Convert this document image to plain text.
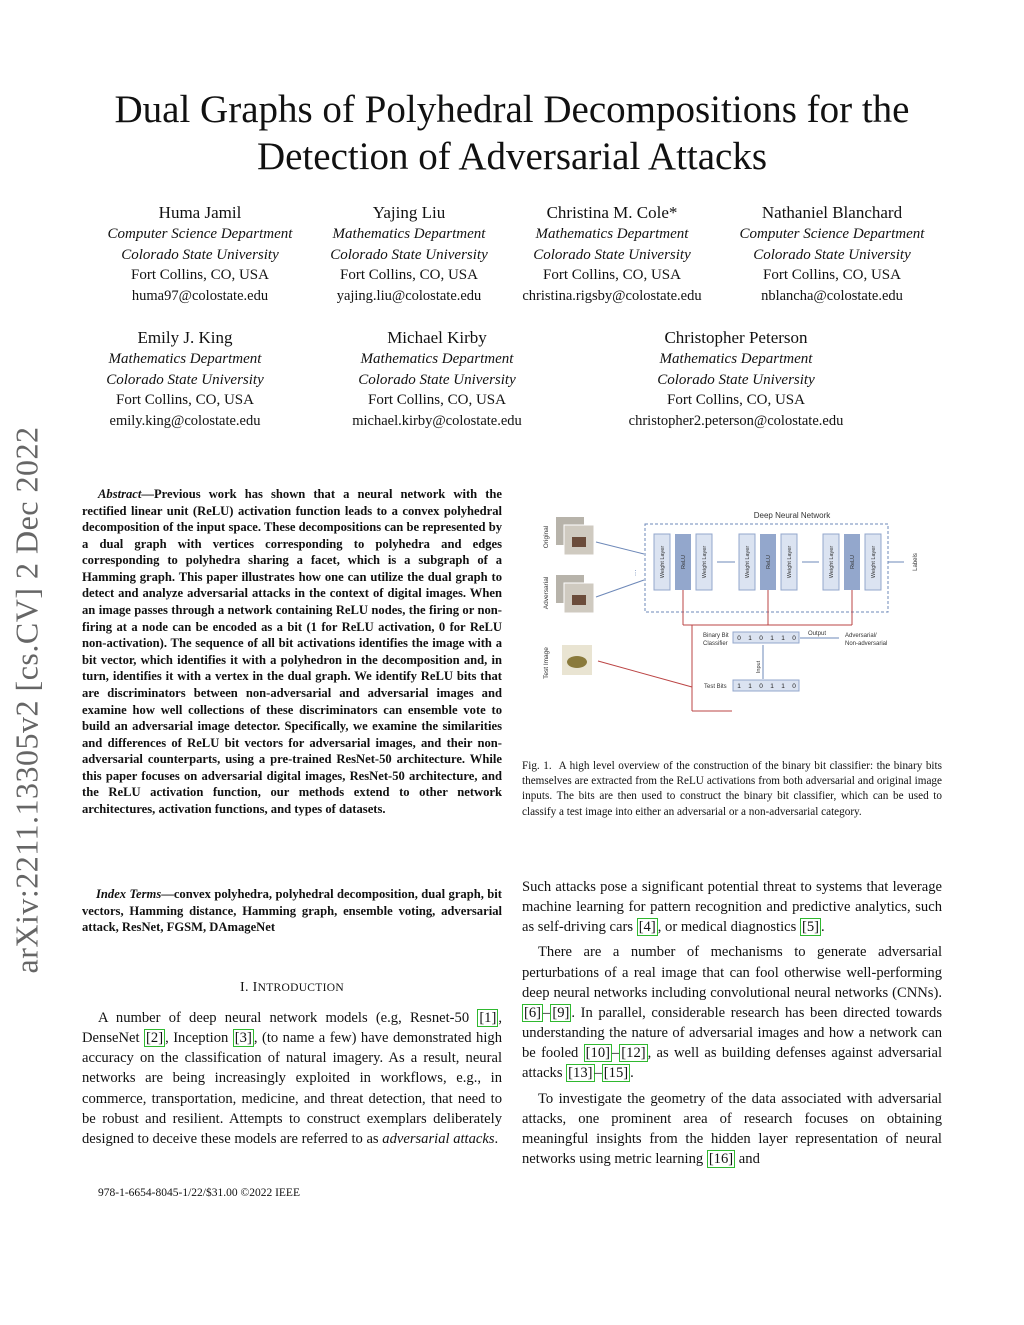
arXiv:2211.13305v2 [cs.CV] 2 Dec 2022
Dual Graphs of Polyhedral Decompositions for the Detection of Adversarial Attacks
Huma Jamil
Computer Science Department
Colorado State University
Fort Collins, CO, USA
huma97@colostate.edu
Yajing Liu
Mathematics Department
Colorado State University
Fort Collins, CO, USA
yajing.liu@colostate.edu
Christina M. Cole*
Mathematics Department
Colorado State University
Fort Collins, CO, USA
christina.rigsby@colostate.edu
Nathaniel Blanchard
Computer Science Department
Colorado State University
Fort Collins, CO, USA
nblancha@colostate.edu
Emily J. King
Mathematics Department
Colorado State University
Fort Collins, CO, USA
emily.king@colostate.edu
Michael Kirby
Mathematics Department
Colorado State University
Fort Collins, CO, USA
michael.kirby@colostate.edu
Christopher Peterson
Mathematics Department
Colorado State University
Fort Collins, CO, USA
christopher2.peterson@colostate.edu
Abstract—Previous work has shown that a neural network with the rectified linear unit (ReLU) activation function leads to a convex polyhedral decomposition of the input space. These decompositions can be represented by a dual graph with vertices corresponding to polyhedra and edges corresponding to polyhedra sharing a facet, which is a subgraph of a Hamming graph. This paper illustrates how one can utilize the dual graph to detect and analyze adversarial attacks in the context of digital images. When an image passes through a network containing ReLU nodes, the firing or non-firing at a node can be encoded as a bit (1 for ReLU activation, 0 for ReLU non-activation). The sequence of all bit activations identifies the image with a bit vector, which identifies it with a polyhedron in the decomposition and, in turn, identifies it with a vertex in the dual graph. We identify ReLU bits that are discriminators between non-adversarial and adversarial images and examine how well collections of these discriminators can ensemble vote to build an adversarial image detector. Specifically, we examine the similarities and differences of ReLU bit vectors for adversarial images, and their non-adversarial counterparts, using a pre-trained ResNet-50 architecture. While this paper focuses on adversarial digital images, ResNet-50 architecture, and the ReLU activation function, our methods extend to other network architectures, activation functions, and types of datasets.
Index Terms—convex polyhedra, polyhedral decomposition, dual graph, bit vectors, Hamming distance, Hamming graph, ensemble voting, adversarial attack, ResNet, FGSM, DAmageNet
I. INTRODUCTION

A number of deep neural network models (e.g, Resnet-50 [1] , DenseNet [2] , Inception [3] , (to name a few) have demonstrated high accuracy on the classification of natural imagery. As a result, neural networks are being increasingly exploited in workflows, e.g., in commerce, transportation, medicine, and threat detection, that need to be robust and resilient. Attempts to construct exemplars deliberately designed to deceive these models are referred to as adversarial attacks.

978-1-6654-8045-1/22/$31.00 ©2022 IEEE
Deep Neural Network
Original
Adversarial
Test Image
⋮	Weight Layer	ReLU	Weight Layer	Weight Layer	ReLU	Weight Layer	Weight Layer	ReLU	Weight Layer	Labels
Binary Bit
Classifier
0 1 0 1 1 0
Output	Adversarial/
Non-adversarial
Input
Test Bits 1 1 0 1 1 0
Fig. 1. A high level overview of the construction of the binary bit classifier: the binary bits themselves are extracted from the ReLU activations from both adversarial and original image inputs. The bits are then used to construct the binary bit classifier, which can be used to classify a test image into either an adversarial or a non-adversarial category.

Such attacks pose a significant potential threat to systems that leverage machine learning for pattern recognition and predictive analytics, such as self-driving cars [4] , or medical diagnostics [5] .

There are a number of mechanisms to generate adversarial perturbations of a real image that can fool otherwise well-performing deep neural networks including convolutional neural networks (CNNs). [6] – [9] . In parallel, considerable research has been directed towards understanding the nature of adversarial images and how a network can be fooled [10] – [12] , as well as building defenses against adversarial attacks [13] – [15] .

To investigate the geometry of the data associated with adversarial attacks, one prominent area of research focuses on obtaining meaningful insights from the hidden layer representation of neural networks using metric learning [16] and
